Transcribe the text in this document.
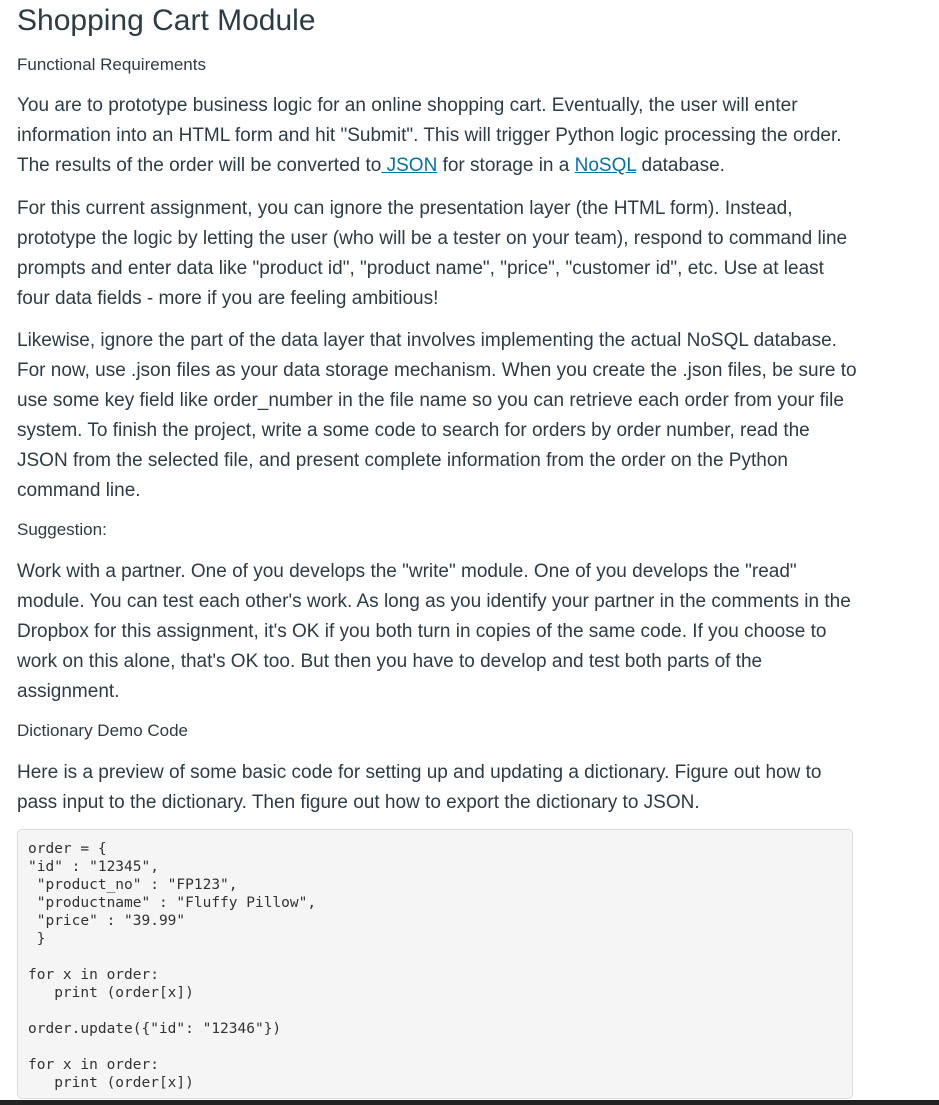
Shopping Cart Module
Functional Requirements

You are to prototype business logic for an online shopping cart. Eventually, the user will enter information into an HTML form and hit "Submit". This will trigger Python logic processing the order. The results of the order will be converted to JSON for storage in a NoSQL database.

For this current assignment, you can ignore the presentation layer (the HTML form). Instead, prototype the logic by letting the user (who will be a tester on your team), respond to command line prompts and enter data like "product id", "product name", "price", "customer id", etc. Use at least four data fields - more if you are feeling ambitious!

Likewise, ignore the part of the data layer that involves implementing the actual NoSQL database. For now, use .json files as your data storage mechanism. When you create the .json files, be sure to use some key field like order_number in the file name so you can retrieve each order from your file system. To finish the project, write a some code to search for orders by order number, read the JSON from the selected file, and present complete information from the order on the Python command line.

Suggestion:

Work with a partner. One of you develops the "write" module. One of you develops the "read" module. You can test each other's work. As long as you identify your partner in the comments in the Dropbox for this assignment, it's OK if you both turn in copies of the same code. If you choose to work on this alone, that's OK too. But then you have to develop and test both parts of the assignment.

Dictionary Demo Code

Here is a preview of some basic code for setting up and updating a dictionary. Figure out how to pass input to the dictionary. Then figure out how to export the dictionary to JSON.

order = {
"id" : "12345",
"product_no" : "FP123",
"productname" : "Fluffy Pillow",
"price" : "39.99"
}

for x in order:
print (order[x])

order.update({"id": "12346"})

for x in order:
print (order[x])
